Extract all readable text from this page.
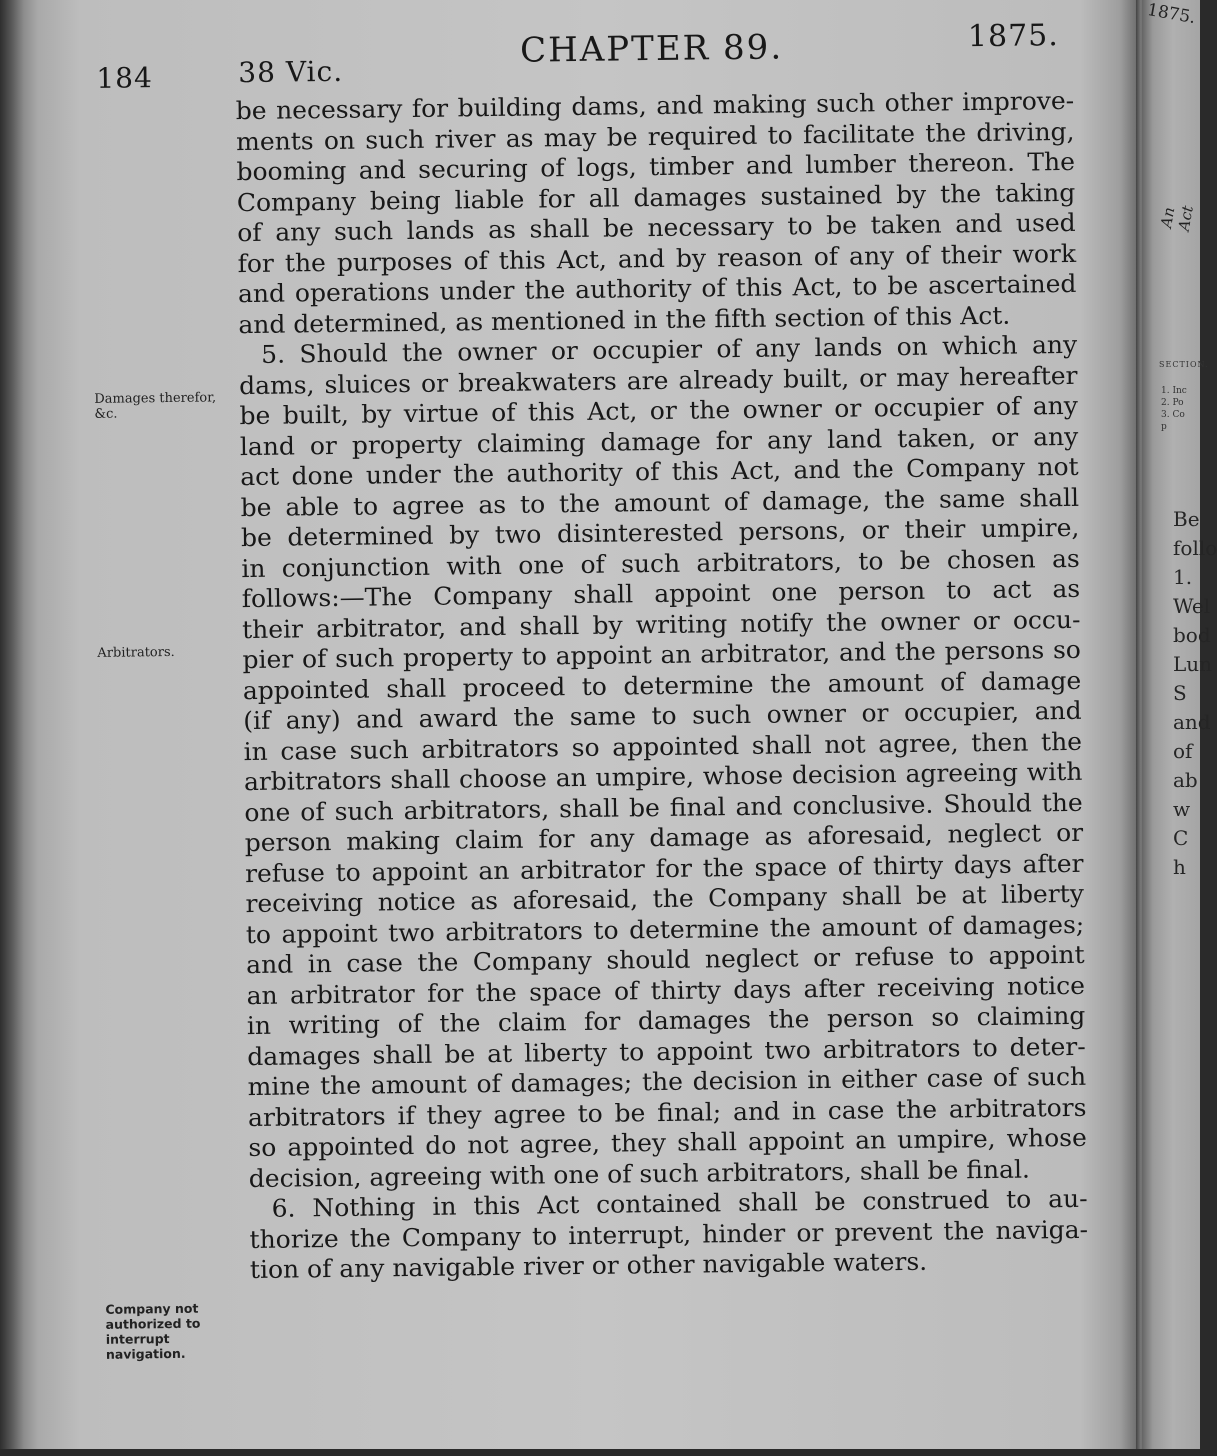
184	38 Vic.
CHAPTER 89.	1875.
Damages therefor, &c.
Arbitrators.
Company not authorized to interrupt navigation.
be necessary for building dams, and making such other improve-
ments on such river as may be required to facilitate the driving,
booming and securing of logs, timber and lumber thereon. The
Company being liable for all damages sustained by the taking
of any such lands as shall be necessary to be taken and used
for the purposes of this Act, and by reason of any of their work
and operations under the authority of this Act, to be ascertained
and determined, as mentioned in the fifth section of this Act.
5. Should the owner or occupier of any lands on which any
dams, sluices or breakwaters are already built, or may hereafter
be built, by virtue of this Act, or the owner or occupier of any
land or property claiming damage for any land taken, or any
act done under the authority of this Act, and the Company not
be able to agree as to the amount of damage, the same shall
be determined by two disinterested persons, or their umpire,
in conjunction with one of such arbitrators, to be chosen as
follows:—The Company shall appoint one person to act as
their arbitrator, and shall by writing notify the owner or occu-
pier of such property to appoint an arbitrator, and the persons so
appointed shall proceed to determine the amount of damage
(if any) and award the same to such owner or occupier, and
in case such arbitrators so appointed shall not agree, then the
arbitrators shall choose an umpire, whose decision agreeing with
one of such arbitrators, shall be final and conclusive. Should the
person making claim for any damage as aforesaid, neglect or
refuse to appoint an arbitrator for the space of thirty days after
receiving notice as aforesaid, the Company shall be at liberty
to appoint two arbitrators to determine the amount of damages;
and in case the Company should neglect or refuse to appoint
an arbitrator for the space of thirty days after receiving notice
in writing of the claim for damages the person so claiming
damages shall be at liberty to appoint two arbitrators to deter-
mine the amount of damages; the decision in either case of such
arbitrators if they agree to be final; and in case the arbitrators
so appointed do not agree, they shall appoint an umpire, whose
decision, agreeing with one of such arbitrators, shall be final.
6. Nothing in this Act contained shall be construed to au-
thorize the Company to interrupt, hinder or prevent the naviga-
tion of any navigable river or other navigable waters.
1875.
An Act
SECTION.
1. Inc
2. Po
3. Co
p
Be
follo
1.
Wel
bod
Lun
S
and
of
ab
w
C
h
